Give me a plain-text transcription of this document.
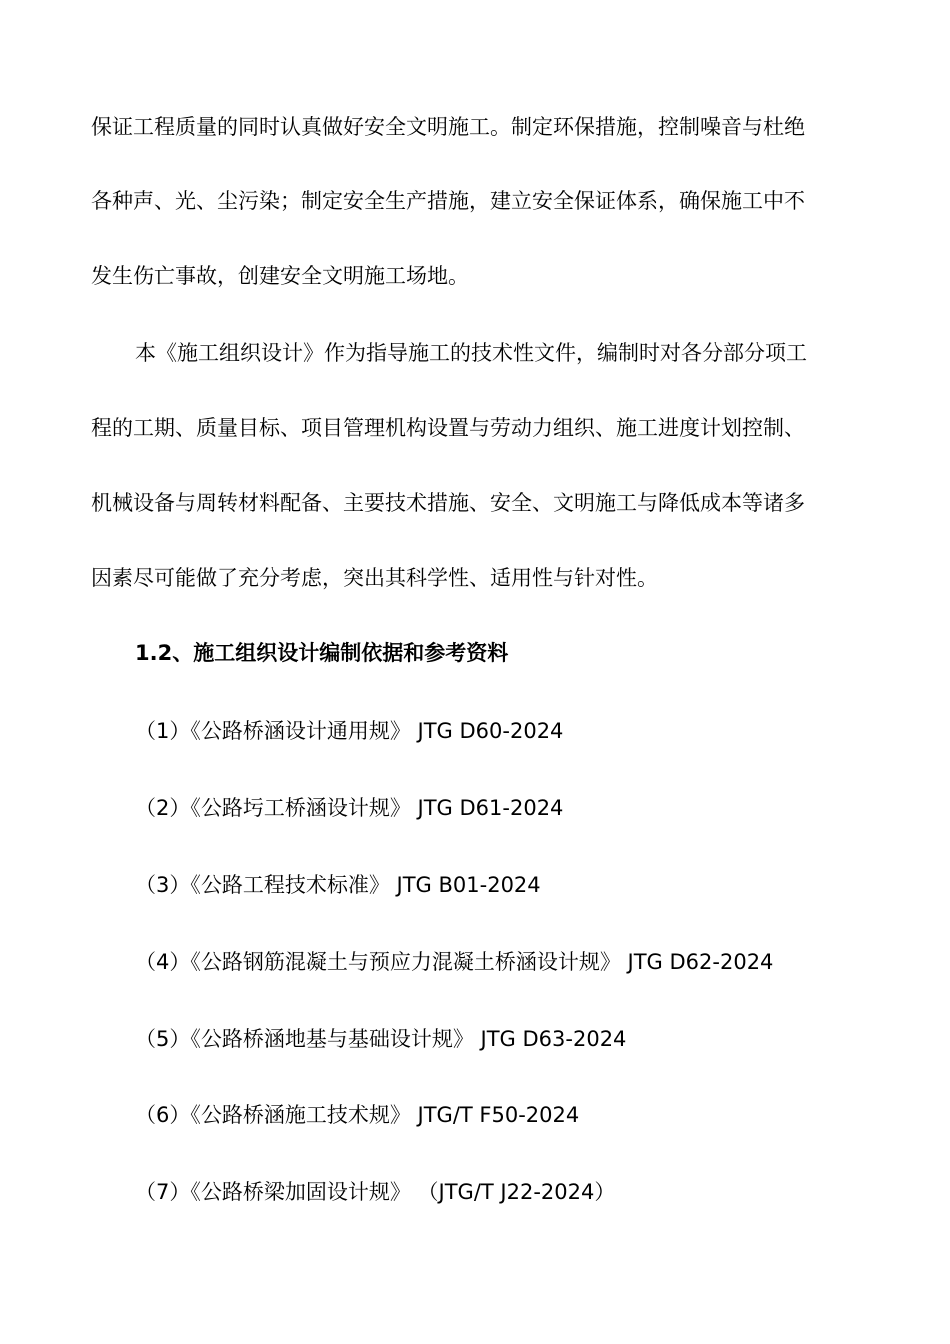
保证工程质量的同时认真做好安全文明施工。制定环保措施，控制噪音与杜绝
各种声、光、尘污染；制定安全生产措施，建立安全保证体系，确保施工中不
发生伤亡事故，创建安全文明施工场地。
本《施工组织设计》作为指导施工的技术性文件，编制时对各分部分项工
程的工期、质量目标、项目管理机构设置与劳动力组织、施工进度计划控制、
机械设备与周转材料配备、主要技术措施、安全、文明施工与降低成本等诸多
因素尽可能做了充分考虑，突出其科学性、适用性与针对性。
1.2、施工组织设计编制依据和参考资料
（1）《公路桥涵设计通用规》 JTG D60-2024
（2）《公路圬工桥涵设计规》 JTG D61-2024
（3）《公路工程技术标准》 JTG B01-2024
（4）《公路钢筋混凝土与预应力混凝土桥涵设计规》 JTG D62-2024
（5）《公路桥涵地基与基础设计规》 JTG D63-2024
（6）《公路桥涵施工技术规》 JTG/T F50-2024
（7）《公路桥梁加固设计规》 （JTG/T J22-2024）
